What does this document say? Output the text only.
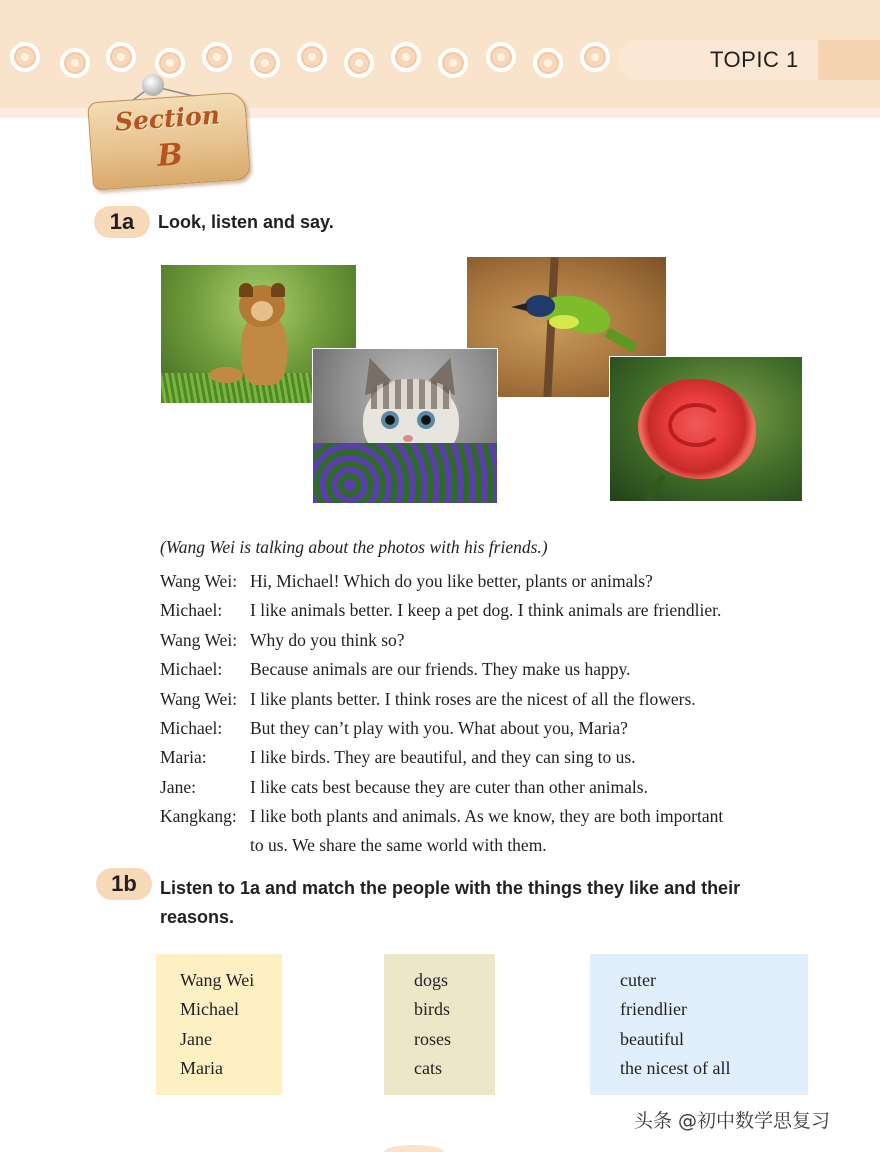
TOPIC 1
Section
B
1a	Look, listen and say.
(Wang Wei is talking about the photos with his friends.)
Wang Wei: Hi, Michael! Which do you like better, plants or animals?
Michael: I like animals better. I keep a pet dog. I think animals are friendlier.
Wang Wei: Why do you think so?
Michael: Because animals are our friends. They make us happy.
Wang Wei: I like plants better. I think roses are the nicest of all the flowers.
Michael: But they can’t play with you. What about you, Maria?
Maria: I like birds. They are beautiful, and they can sing to us.
Jane:	I like cats best because they are cuter than other animals.
Kangkang: I like both plants and animals. As we know, they are both important
to us. We share the same world with them.
1b	Listen to 1a and match the people with the things they like and their
reasons.
Wang Wei
Michael
Jane
Maria
dogs
birds
roses
cats
cuter
friendlier
beautiful
the nicest of all
头条 @初中数学思复习
